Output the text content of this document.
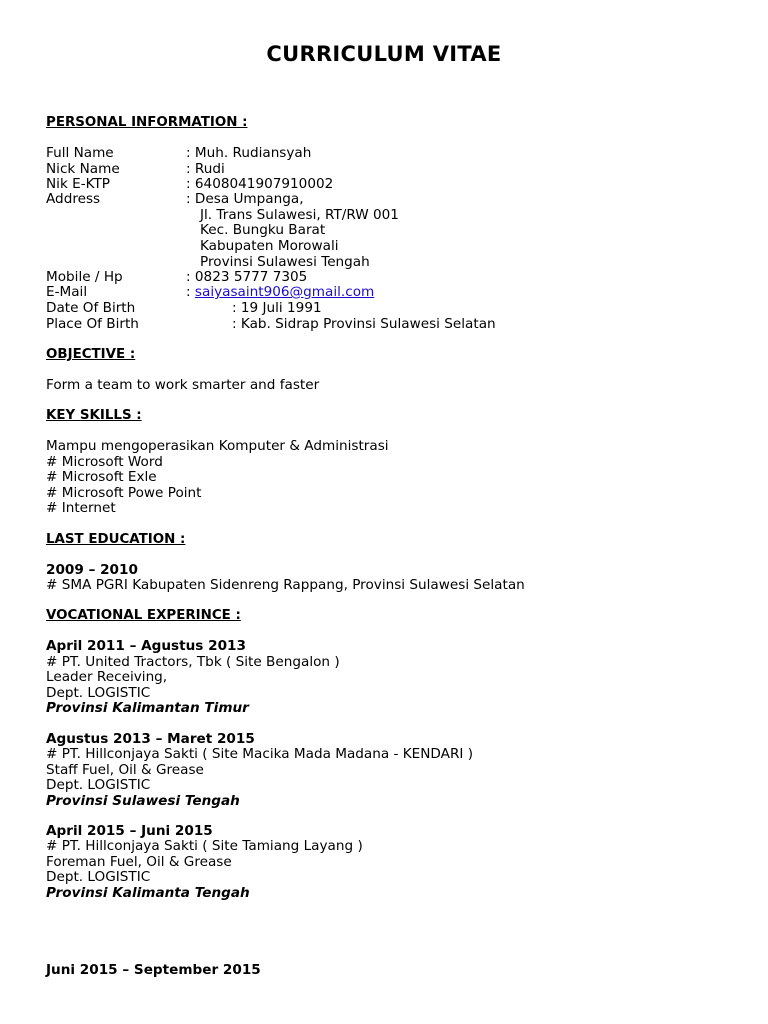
CURRICULUM VITAE
PERSONAL INFORMATION :
Full Name	: Muh. Rudiansyah
Nick Name	: Rudi
Nik E-KTP	: 6408041907910002
Address	: Desa Umpanga,
Jl. Trans Sulawesi, RT/RW 001
Kec. Bungku Barat
Kabupaten Morowali
Provinsi Sulawesi Tengah
Mobile / Hp	: 0823 5777 7305
E-Mail	: saiyasaint906@gmail.com
Date Of Birth	: 19 Juli 1991
Place Of Birth	: Kab. Sidrap Provinsi Sulawesi Selatan
OBJECTIVE :
Form a team to work smarter and faster
KEY SKILLS :
Mampu mengoperasikan Komputer & Administrasi
# Microsoft Word
# Microsoft Exle
# Microsoft Powe Point
# Internet
LAST EDUCATION :
2009 – 2010
# SMA PGRI Kabupaten Sidenreng Rappang, Provinsi Sulawesi Selatan
VOCATIONAL EXPERINCE :
April 2011 – Agustus 2013
# PT. United Tractors, Tbk ( Site Bengalon )
Leader Receiving,
Dept. LOGISTIC
Provinsi Kalimantan Timur
Agustus 2013 – Maret 2015
# PT. Hillconjaya Sakti ( Site Macika Mada Madana - KENDARI )
Staff Fuel, Oil & Grease
Dept. LOGISTIC
Provinsi Sulawesi Tengah
April 2015 – Juni 2015
# PT. Hillconjaya Sakti ( Site Tamiang Layang )
Foreman Fuel, Oil & Grease
Dept. LOGISTIC
Provinsi Kalimanta Tengah
Juni 2015 – September 2015
